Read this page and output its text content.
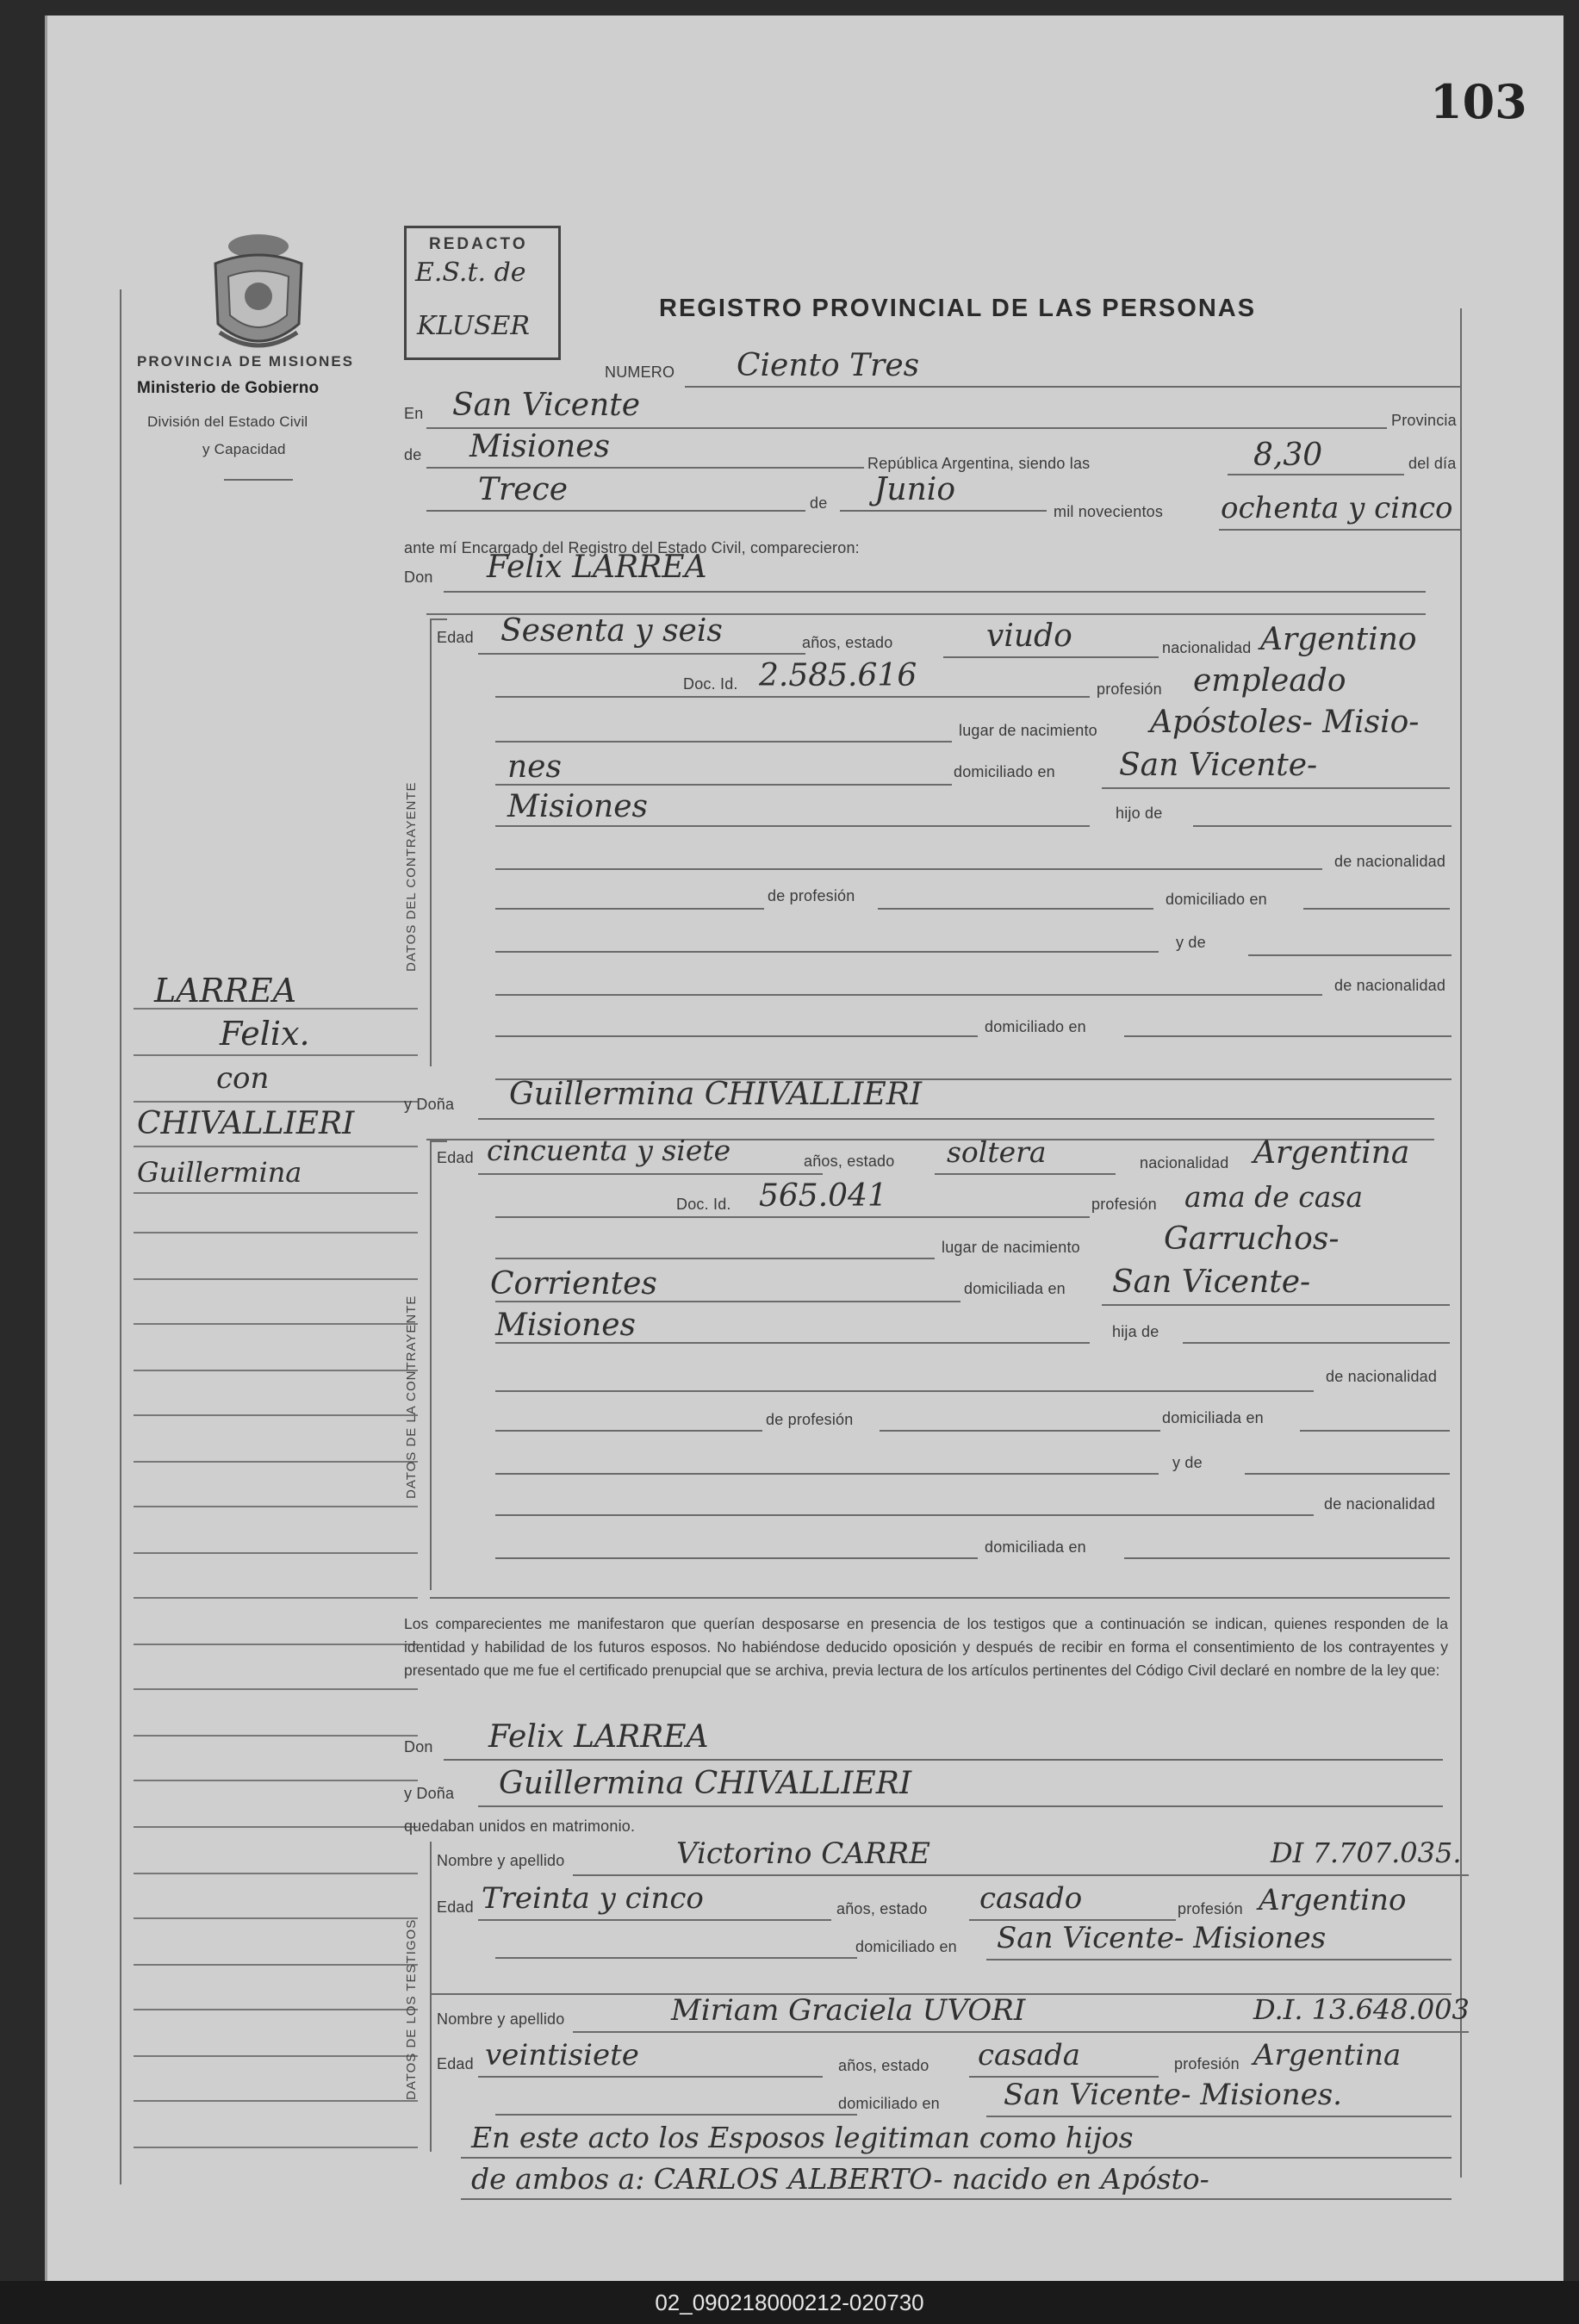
103
PROVINCIA DE MISIONES
Ministerio de Gobierno
División del Estado Civil
y Capacidad
REDACTO
E.S.t. de
KLUSER
REGISTRO PROVINCIAL DE LAS PERSONAS
NUMERO Ciento Tres
En San Vicente	Provincia
de Misiones	República Argentina, siendo las	8,30	del día
Trece	de Junio
mil novecientos ochenta y cinco
ante mí Encargado del Registro del Estado Civil, comparecieron:
Don Felix LARREA
DATOS DEL CONTRAYENTE
Edad Sesenta y seis	años, estado	viudo	nacionalidad Argentino
Doc. Id. 2.585.616	profesión empleado
lugar de nacimiento Apóstoles- Misio-
nes	domiciliado en San Vicente-
Misiones	hijo de
de nacionalidad
de profesión	domiciliado en
y de
de nacionalidad
domiciliado en
LARREA
Felix.
con
CHIVALLIERI
Guillermina
y Doña Guillermina CHIVALLIERI
DATOS DE LA CONTRAYENTE
Edad cincuenta y siete	años, estado soltera	nacionalidad Argentina
Doc. Id. 565.041	profesión ama de casa
lugar de nacimiento	Garruchos-
Corrientes	domiciliada en San Vicente-
Misiones	hija de
de nacionalidad
de profesión	domiciliada en
y de
de nacionalidad
domiciliada en
Los comparecientes me manifestaron que querían desposarse en presencia de los testigos que a continuación se indican, quienes responden de la identidad y habilidad de los futuros esposos. No habiéndose deducido oposición y después de recibir en forma el consentimiento de los contrayentes y presentado que me fue el certificado prenupcial que se archiva, previa lectura de los artículos pertinentes del Código Civil declaré en nombre de la ley que:
Don Felix LARREA
y Doña Guillermina CHIVALLIERI
quedaban unidos en matrimonio.
DATOS DE LOS TESTIGOS
Nombre y apellido	Victorino CARRE	DI 7.707.035.
Edad Treinta y cinco	años, estado casado	profesión Argentino
domiciliado en San Vicente- Misiones
Nombre y apellido	Miriam Graciela UVORI	D.I. 13.648.003
Edad veintisiete	años, estado casada	profesión Argentina
domiciliado en San Vicente- Misiones.
En este acto los Esposos legitiman como hijos
de ambos a: CARLOS ALBERTO- nacido en Apósto-
02_090218000212-020730
